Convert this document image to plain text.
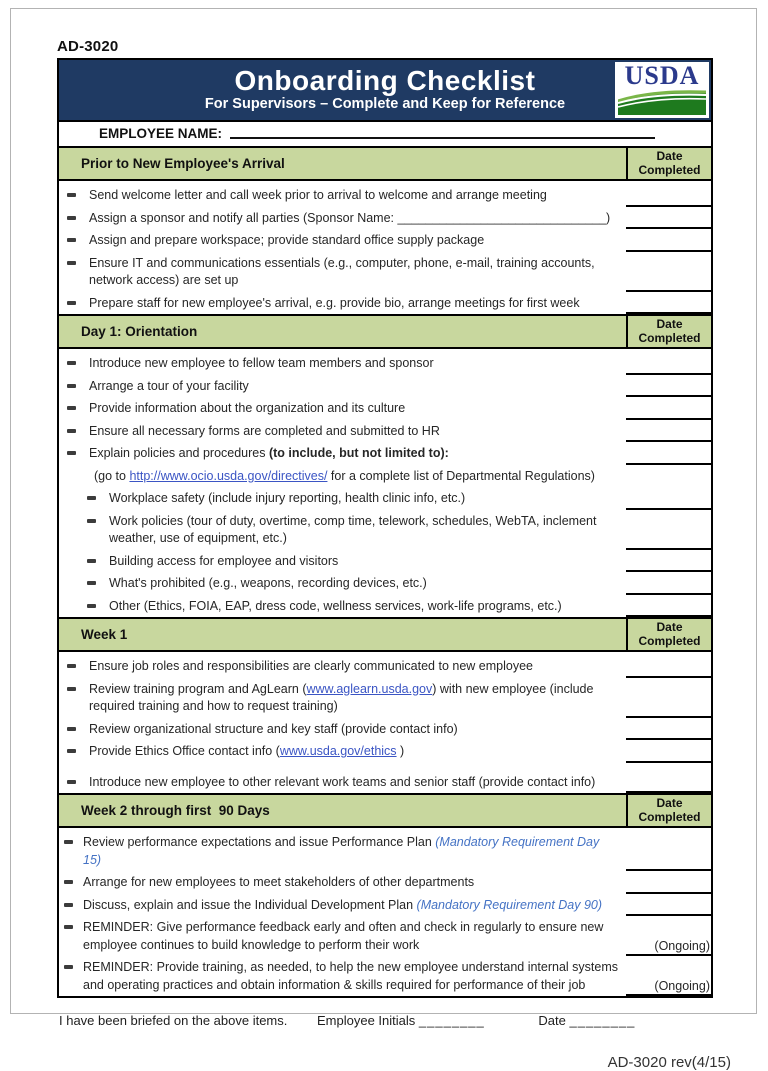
AD-3020
Onboarding Checklist
For Supervisors – Complete and Keep for Reference
USDA
EMPLOYEE NAME:
Prior to New Employee's Arrival	Date
Completed
Send welcome letter and call week prior to arrival to welcome and arrange meeting
Assign a sponsor and notify all parties (Sponsor Name: ______________________________)
Assign and prepare workspace; provide standard office supply package
Ensure IT and communications essentials (e.g., computer, phone, e-mail, training accounts, network access) are set up
Prepare staff for new employee's arrival, e.g. provide bio, arrange meetings for first week
Day 1: Orientation	Date
Completed
Introduce new employee to fellow team members and sponsor
Arrange a tour of your facility
Provide information about the organization and its culture
Ensure all necessary forms are completed and submitted to HR
Explain policies and procedures (to include, but not limited to):
(go to http://www.ocio.usda.gov/directives/ for a complete list of Departmental Regulations)
Workplace safety (include injury reporting, health clinic info, etc.)
Work policies (tour of duty, overtime, comp time, telework, schedules, WebTA, inclement weather, use of equipment, etc.)
Building access for employee and visitors
What's prohibited (e.g., weapons, recording devices, etc.)
Other (Ethics, FOIA, EAP, dress code, wellness services, work-life programs, etc.)
Week 1	Date
Completed
Ensure job roles and responsibilities are clearly communicated to new employee
Review training program and AgLearn (www.aglearn.usda.gov) with new employee (include required training and how to request training)
Review organizational structure and key staff (provide contact info)
Provide Ethics Office contact info (www.usda.gov/ethics )
Introduce new employee to other relevant work teams and senior staff (provide contact info)
Week 2 through first  90 Days	Date
Completed
Review performance expectations and issue Performance Plan (Mandatory Requirement Day 15)
Arrange for new employees to meet stakeholders of other departments
Discuss, explain and issue the Individual Development Plan (Mandatory Requirement Day 90)
REMINDER: Give performance feedback early and often and check in regularly to ensure new employee continues to build knowledge to perform their work	(Ongoing)
REMINDER: Provide training, as needed, to help the new employee understand internal systems and operating practices and obtain information & skills required for performance of their job	(Ongoing)
I have been briefed on the above items. Employee Initials ________	Date ________
AD-3020 rev(4/15)
